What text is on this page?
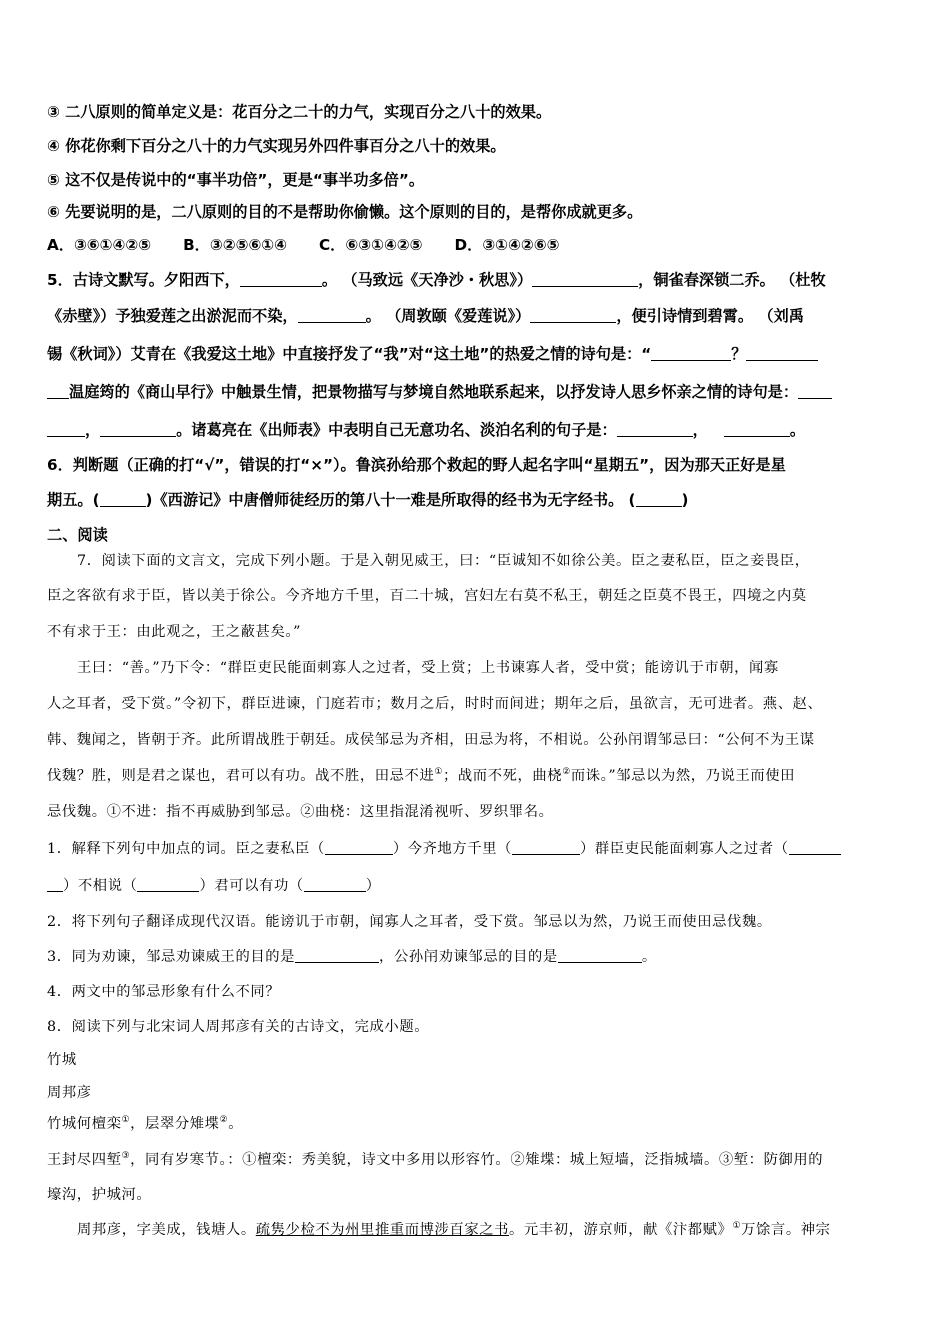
③ 二八原则的简单定义是：花百分之二十的力气，实现百分之八十的效果。
④ 你花你剩下百分之八十的力气实现另外四件事百分之八十的效果。
⑤ 这不仅是传说中的“事半功倍”，更是“事半功多倍”。
⑥ 先要说明的是，二八原则的目的不是帮助你偷懒。这个原则的目的，是帮你成就更多。
A．③⑥①④②⑤ B．③②⑤⑥①④ C．⑥③①④②⑤ D．③①④②⑥⑤
5．古诗文默写。夕阳西下，	。 （马致远《天净沙・秋思》）	，铜雀春深锁二乔。 （杜牧
《赤壁》）予独爱莲之出淤泥而不染，	。 （周敦颐《爱莲说》）	，便引诗情到碧霄。 （刘禹
锡《秋词》）艾青在《我爱这土地》中直接抒发了“我”对“这土地”的热爱之情的诗句是：“	？
温庭筠的《商山早行》中触景生情，把景物描写与梦境自然地联系起来，以抒发诗人思乡怀亲之情的诗句是：
，	。诸葛亮在《出师表》中表明自己无意功名、淡泊名利的句子是：	，	。
6．判断题（正确的打“√”，错误的打“×”）。鲁滨孙给那个救起的野人起名字叫“星期五”，因为那天正好是星
期五。(	)《西游记》中唐僧师徒经历的第八十一难是所取得的经书为无字经书。 (	)
二、阅读
7．阅读下面的文言文，完成下列小题。于是入朝见威王，曰：“臣诚知不如徐公美。臣之妻私臣，臣之妾畏臣，
臣之客欲有求于臣，皆以美于徐公。今齐地方千里，百二十城，宫妇左右莫不私王，朝廷之臣莫不畏王，四境之内莫
不有求于王：由此观之，王之蔽甚矣。”
王曰：“善。”乃下令：“群臣吏民能面刺寡人之过者，受上赏；上书谏寡人者，受中赏；能谤讥于市朝，闻寡
人之耳者，受下赏。”令初下，群臣进谏，门庭若市；数月之后，时时而间进；期年之后，虽欲言，无可进者。燕、赵、
韩、魏闻之，皆朝于齐。此所谓战胜于朝廷。成侯邹忌为齐相，田忌为将，不相说。公孙闬谓邹忌曰：“公何不为王谋
伐魏？胜，则是君之谋也，君可以有功。战不胜，田忌不进①；战而不死，曲桡②而诛。”邹忌以为然，乃说王而使田
忌伐魏。①不进：指不再威胁到邹忌。②曲桡：这里指混淆视听、罗织罪名。
1．解释下列句中加点的词。臣之妻私臣（	）今齐地方千里（	）群臣吏民能面刺寡人之过者（
）不相说（	）君可以有功（	）
2．将下列句子翻译成现代汉语。能谤讥于市朝，闻寡人之耳者，受下赏。邹忌以为然，乃说王而使田忌伐魏。
3．同为劝谏，邹忌劝谏威王的目的是	，公孙闬劝谏邹忌的目的是	。
4．两文中的邹忌形象有什么不同？
8．阅读下列与北宋词人周邦彦有关的古诗文，完成小题。
竹城
周邦彦
竹城何檀栾①，层翠分雉堞②。
王封尽四堑③，同有岁寒节。：①檀栾：秀美貌，诗文中多用以形容竹。②雉堞：城上短墙，泛指城墙。③堑：防御用的
壕沟，护城河。
周邦彦，字美成，钱塘人。疏隽少检不为州里推重而博涉百家之书。元丰初，游京师，献《汴都赋》①万馀言。神宗
